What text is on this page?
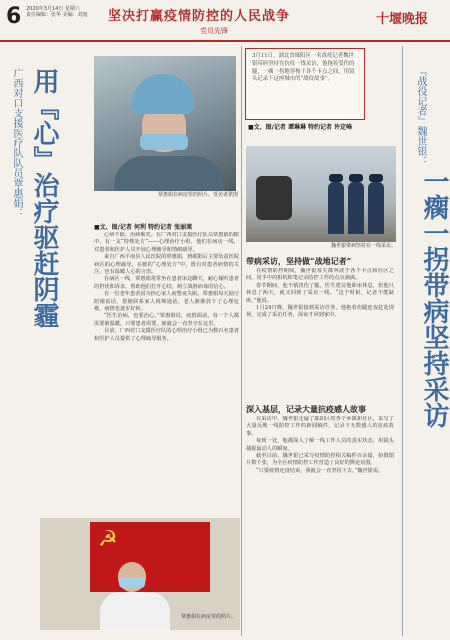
6 2020年3月14日 星期六
责任编辑：张华 美编：刘旭	坚决打赢疫情防控的人民战争
党员先锋
十堰晚报
广西对口支援医疗队队员覃惠娟： 用『心』治疗驱赶阴霾	覃惠娟在病房里的照片。受访者供图
■文、图/记者 何利 特约记者 张丽莱

心病不除，治病难矣。在广西对口支援医疗队员覃惠娟的眼中，有一支“特殊处方”——心理治疗小组，他们在病房一线，对患者和医护人员开展心理辅导和情绪疏导。

来自广西平南县人民医院的覃惠娟，到郧阳后主要负责医院病区的心理疏导。在她的“心理处方”中，既有对患者病情的关注，也有温暖人心的言语。

在病区一线，覃惠娟常常坐在患者床边聊天，耐心倾听患者的担忧和诉求，帮助他们打开心结，树立战胜病毒的信心。

有一位老年患者因为担心家人而整夜失眠，覃惠娟每天抽空陪她说话，帮她联系家人视频通话，老人渐渐放下了心理包袱，病情也逐步好转。

“医生治病，也要治心。”覃惠娟说，疫情面前，每一个人都需要被温暖，只要患者需要，她就会一直坚守在这里。

目前，广西对口支援医疗队的心理治疗小组已为数百名患者和医护人员提供了心理疏导服务。

☭
覃惠娟在病房里的照片。

3月11日，湖北省郧阳区一名战疫记者魏世银带病坚持在抗疫一线采访，他拖着受伤的腿，一瘸一拐地穿梭于各个卡点之间，用镜头记录下这座城市的“战疫故事”。

■文、图/记者 谭琳琳 特约记者 许定峰
魏世银带病坚持在一线采访。
带病采访，坚持做“战地记者”

在疫情防控期间，魏世银每天都奔波于各个卡点和社区之间，用手中的相机和笔记录防控工作的点点滴滴。

春节期间，他不慎扭伤了腿，医生建议他卧床休息，但他只休息了两天，就又回到了采访一线。“这个时候，记者不能缺席。”他说。

1月24日晚，魏世银接到采访任务，他拖着伤腿连夜赶赴现场，完成了采访任务，深夜才回到家中。

深入基层，记录大量抗疫感人故事

在采访中，魏世银走遍了郧阳区的各个乡镇和社区，采写了大量反映一线防控工作的新闻稿件，记录下无数感人的抗疫故事。

每到一处，他都深入了解一线工作人员的真实状态，用镜头捕捉最动人的瞬间。

截至目前，魏世银已采写疫情防控相关稿件百余篇，拍摄图片数千张，为全区疫情防控工作营造了良好的舆论氛围。

“只要疫情还没结束，我就会一直坚持下去。”魏世银说。

『战役记者』魏世银：
一瘸一拐带病坚持采访
